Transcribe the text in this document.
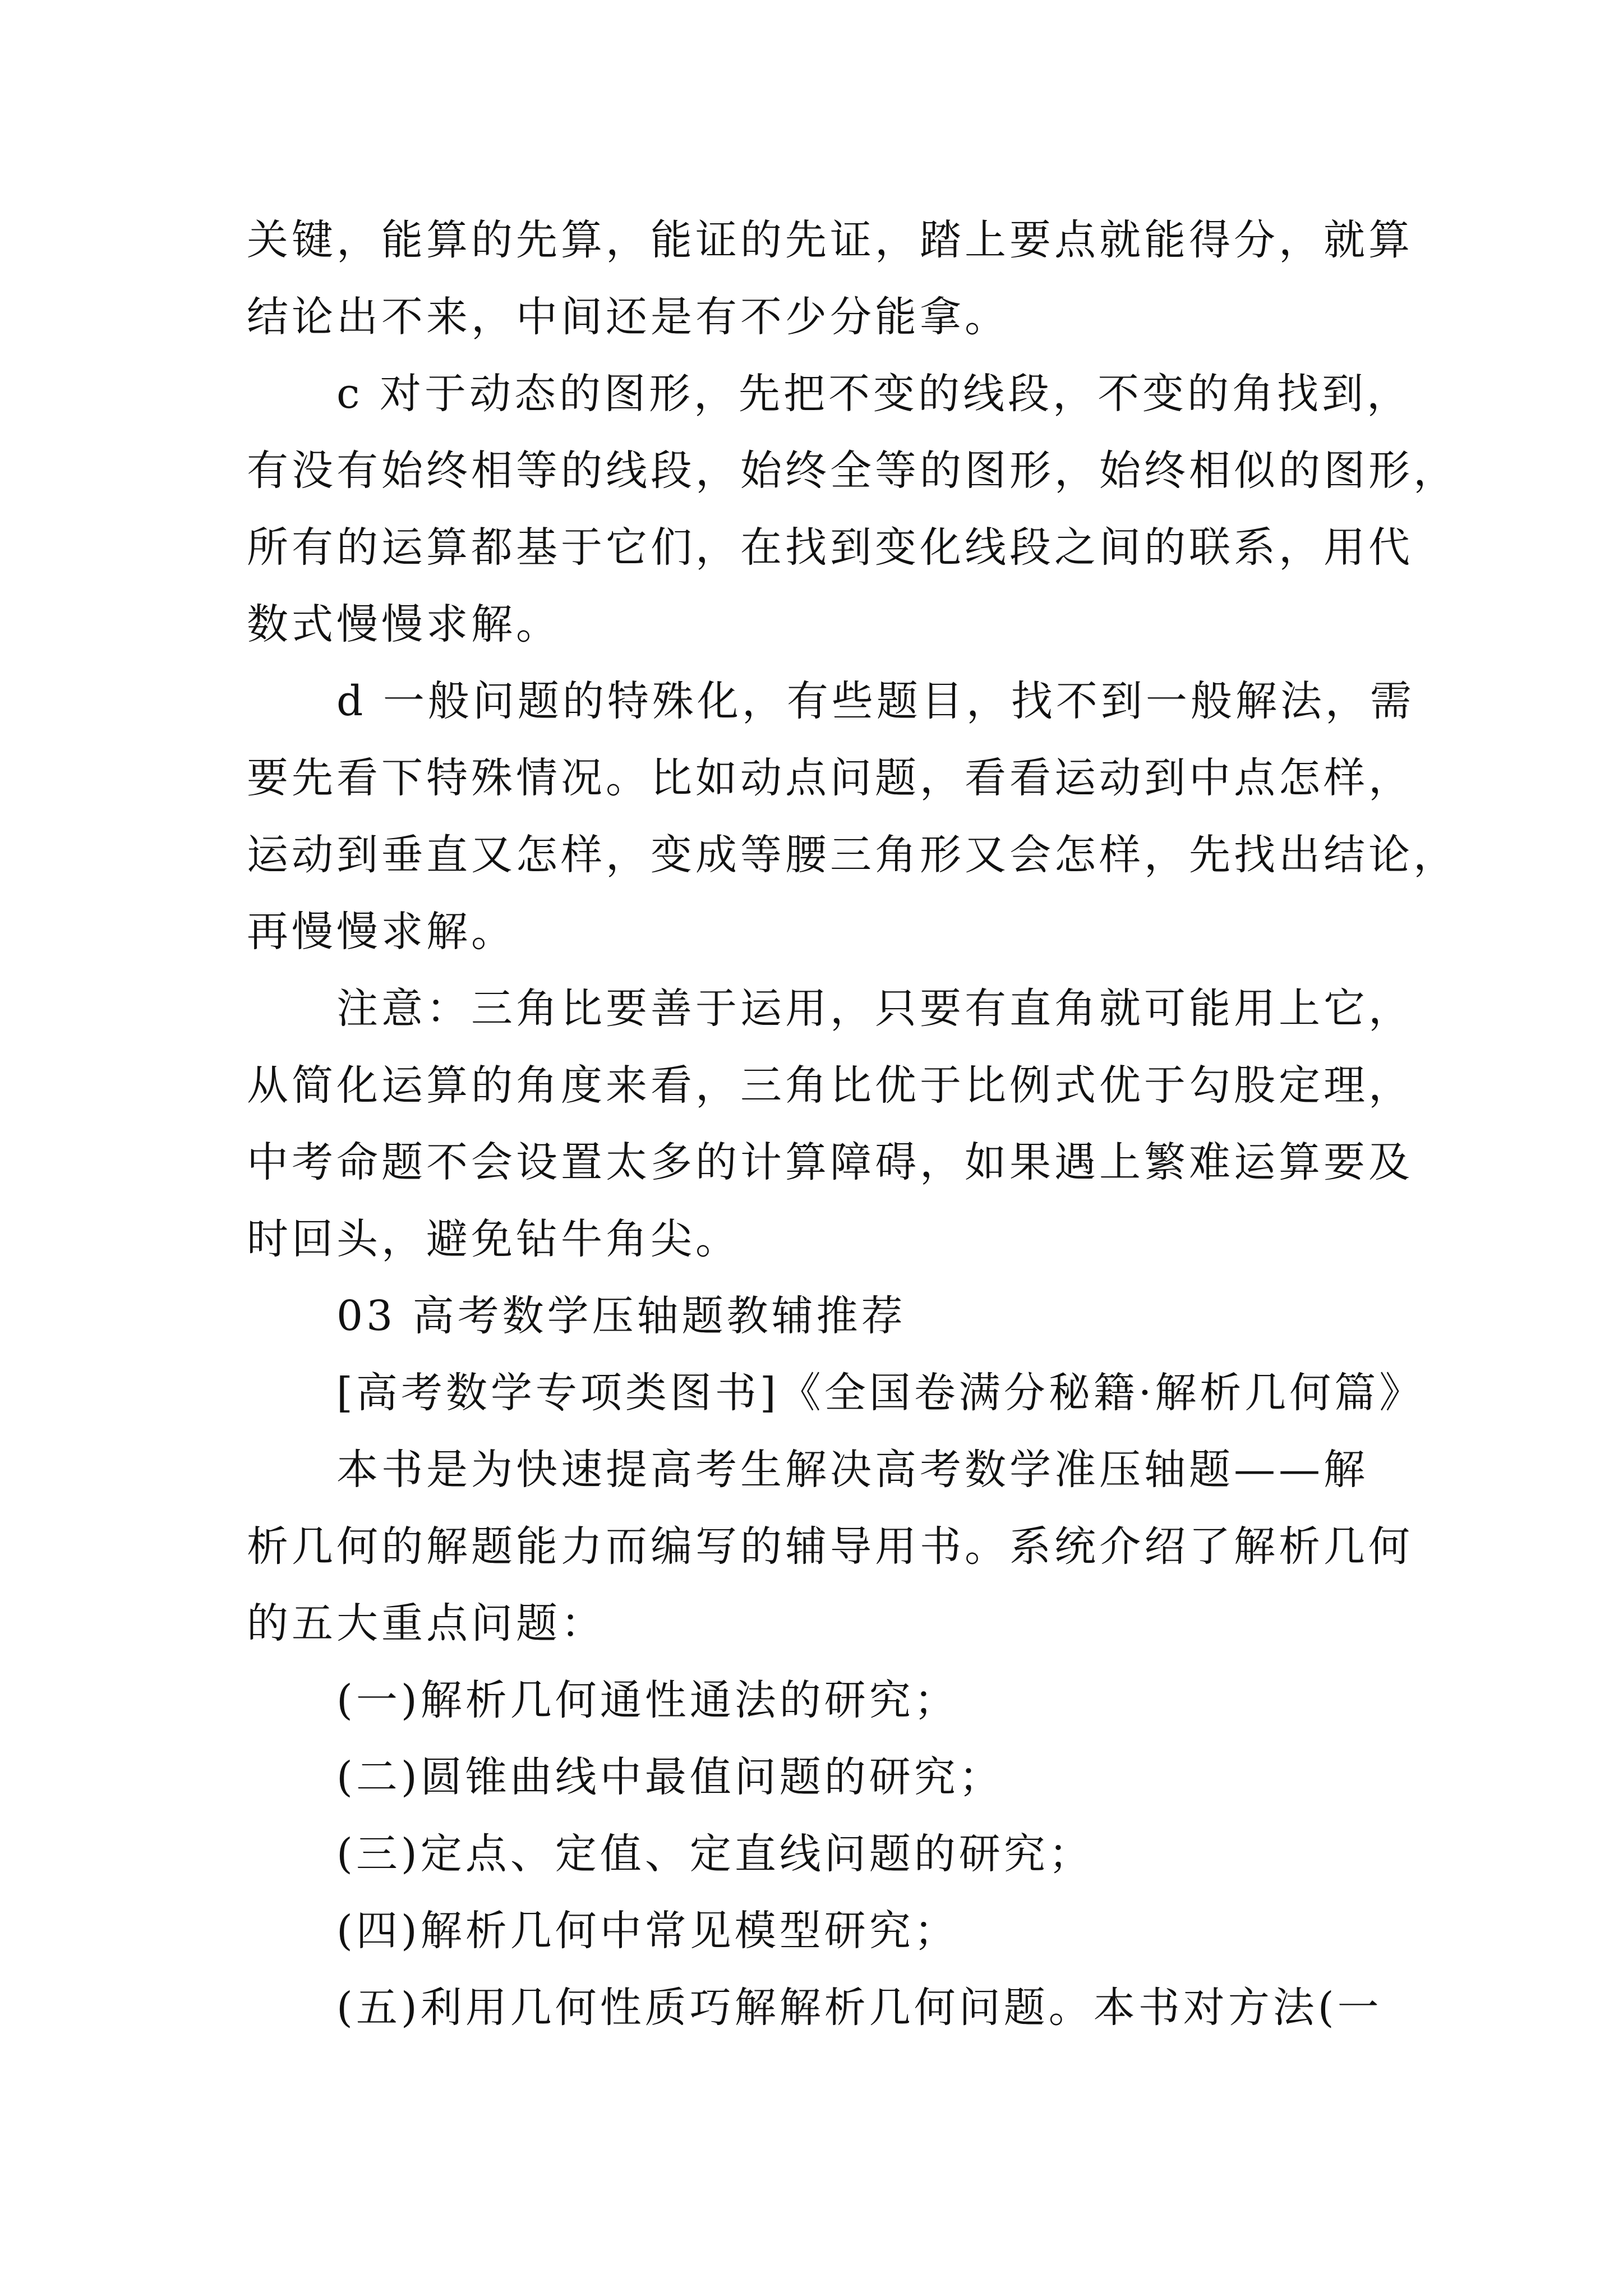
关键，能算的先算，能证的先证，踏上要点就能得分，就算
结论出不来，中间还是有不少分能拿。
c 对于动态的图形，先把不变的线段，不变的角找到，
有没有始终相等的线段，始终全等的图形，始终相似的图形，
所有的运算都基于它们，在找到变化线段之间的联系，用代
数式慢慢求解。
d 一般问题的特殊化，有些题目，找不到一般解法，需
要先看下特殊情况。比如动点问题，看看运动到中点怎样，
运动到垂直又怎样，变成等腰三角形又会怎样，先找出结论，
再慢慢求解。
注意：三角比要善于运用，只要有直角就可能用上它，
从简化运算的角度来看，三角比优于比例式优于勾股定理，
中考命题不会设置太多的计算障碍，如果遇上繁难运算要及
时回头，避免钻牛角尖。
03 高考数学压轴题教辅推荐
[高考数学专项类图书]《全国卷满分秘籍·解析几何篇》
本书是为快速提高考生解决高考数学准压轴题——解
析几何的解题能力而编写的辅导用书。系统介绍了解析几何
的五大重点问题：
(一)解析几何通性通法的研究；
(二)圆锥曲线中最值问题的研究；
(三)定点、定值、定直线问题的研究；
(四)解析几何中常见模型研究；
(五)利用几何性质巧解解析几何问题。本书对方法(一
